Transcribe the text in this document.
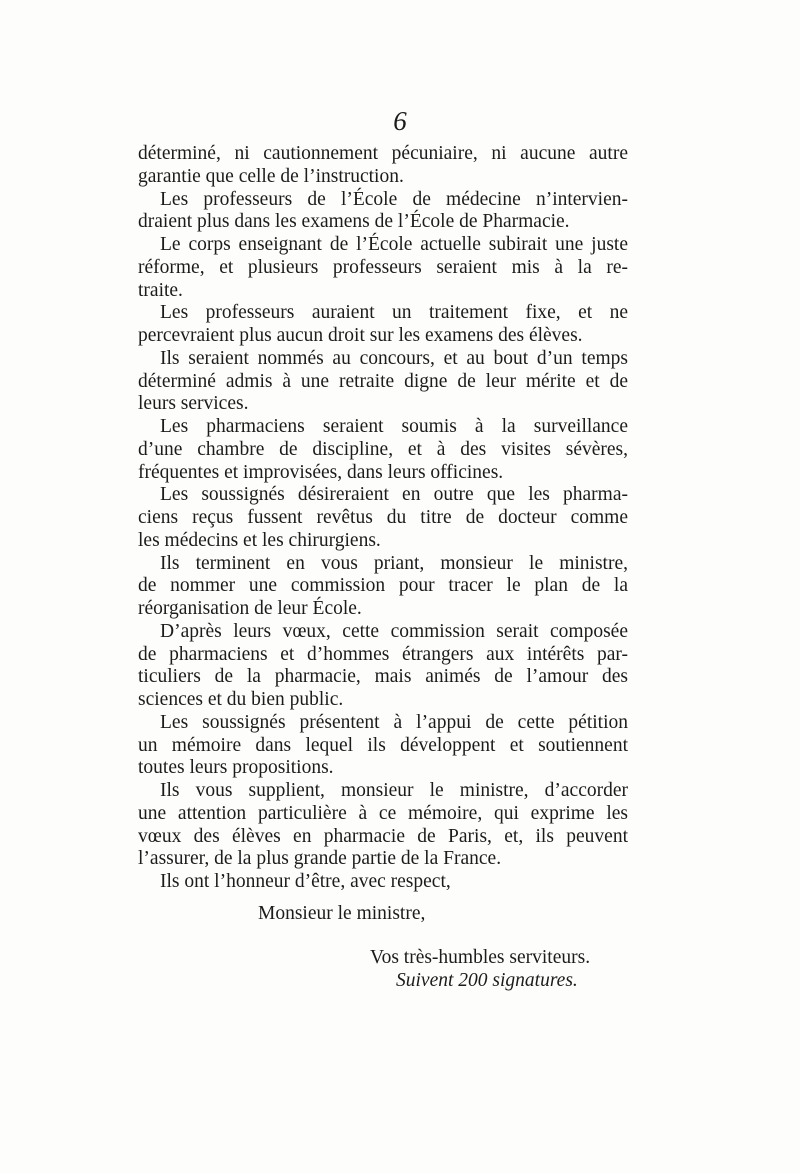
6
déterminé, ni cautionnement pécuniaire, ni aucune autre
garantie que celle de l’instruction.
Les professeurs de l’École de médecine n’intervien-
draient plus dans les examens de l’École de Pharmacie.
Le corps enseignant de l’École actuelle subirait une juste
réforme, et plusieurs professeurs seraient mis à la re-
traite.
Les professeurs auraient un traitement fixe, et ne
percevraient plus aucun droit sur les examens des élèves.
Ils seraient nommés au concours, et au bout d’un temps
déterminé admis à une retraite digne de leur mérite et de
leurs services.
Les pharmaciens seraient soumis à la surveillance
d’une chambre de discipline, et à des visites sévères,
fréquentes et improvisées, dans leurs officines.
Les soussignés désireraient en outre que les pharma-
ciens reçus fussent revêtus du titre de docteur comme
les médecins et les chirurgiens.
Ils terminent en vous priant, monsieur le ministre,
de nommer une commission pour tracer le plan de la
réorganisation de leur École.
D’après leurs vœux, cette commission serait composée
de pharmaciens et d’hommes étrangers aux intérêts par-
ticuliers de la pharmacie, mais animés de l’amour des
sciences et du bien public.
Les soussignés présentent à l’appui de cette pétition
un mémoire dans lequel ils développent et soutiennent
toutes leurs propositions.
Ils vous supplient, monsieur le ministre, d’accorder
une attention particulière à ce mémoire, qui exprime les
vœux des élèves en pharmacie de Paris, et, ils peuvent
l’assurer, de la plus grande partie de la France.
Ils ont l’honneur d’être, avec respect,
Monsieur le ministre,
Vos très-humbles serviteurs.
Suivent 200 signatures.
